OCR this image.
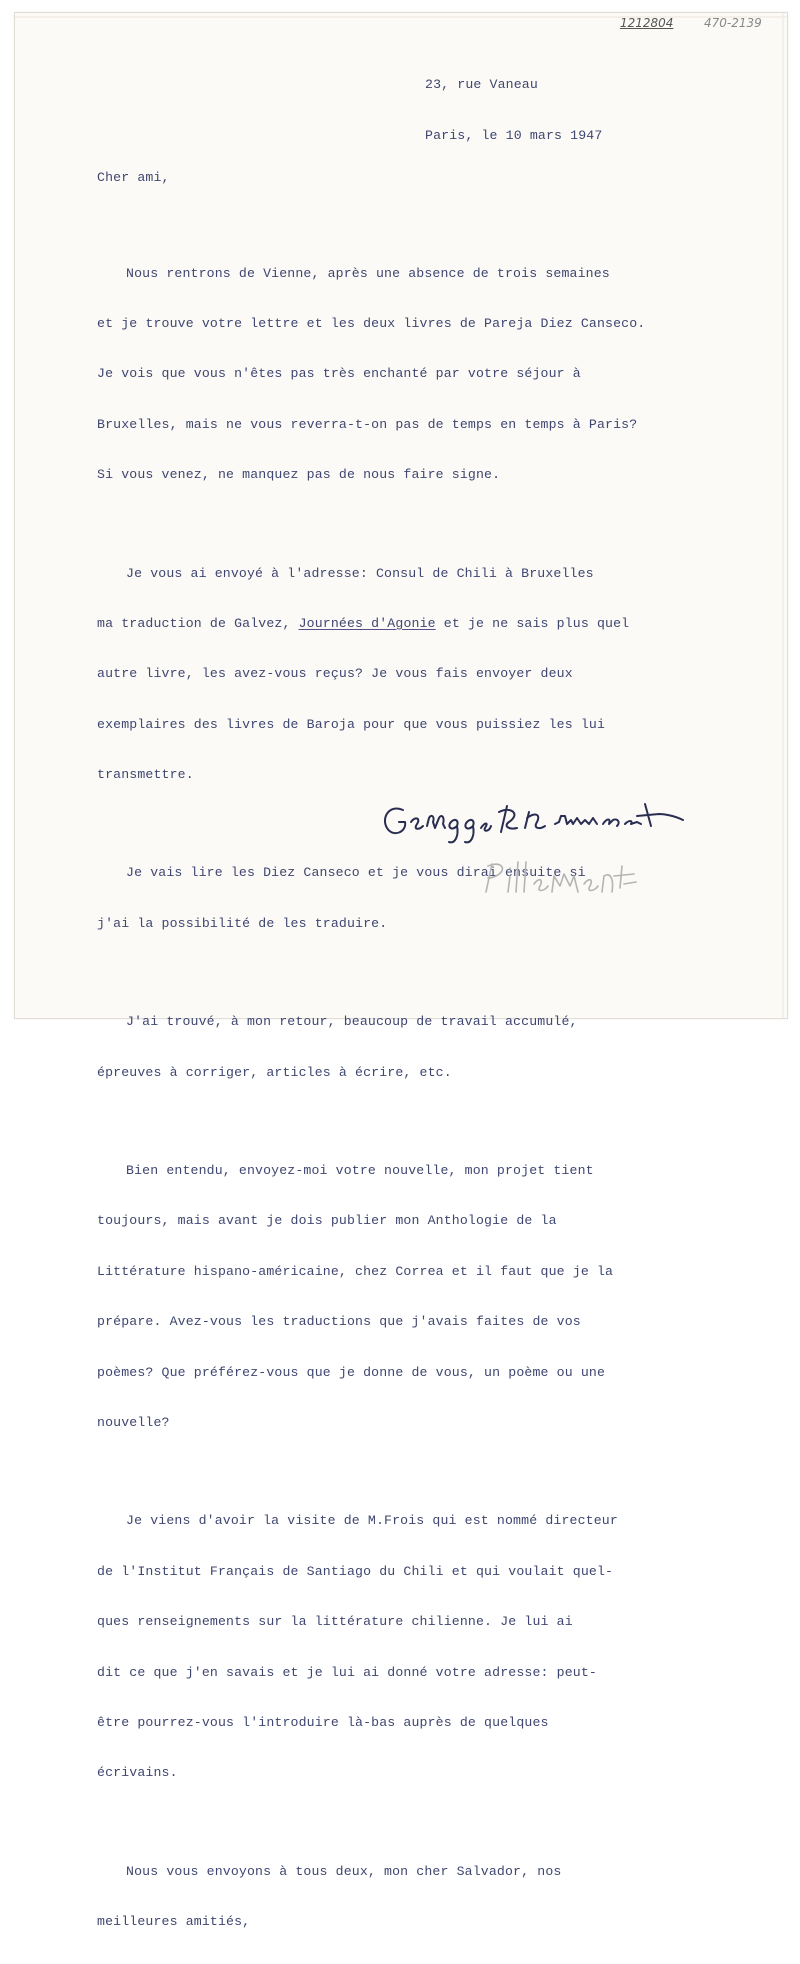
1212804	470-2139

23, rue Vaneau

Paris, le 10 mars 1947

Cher ami,

Nous rentrons de Vienne, après une absence de trois semaines

et je trouve votre lettre et les deux livres de Pareja Diez Canseco.

Je vois que vous n'êtes pas très enchanté par votre séjour à

Bruxelles, mais ne vous reverra-t-on pas de temps en temps à Paris?

Si vous venez, ne manquez pas de nous faire signe.

Je vous ai envoyé à l'adresse: Consul de Chili à Bruxelles

ma traduction de Galvez, Journées d'Agonie et je ne sais plus quel

autre livre, les avez-vous reçus? Je vous fais envoyer deux

exemplaires des livres de Baroja pour que vous puissiez les lui

transmettre.

Je vais lire les Diez Canseco et je vous dirai ensuite si

j'ai la possibilité de les traduire.

J'ai trouvé, à mon retour, beaucoup de travail accumulé,

épreuves à corriger, articles à écrire, etc.

Bien entendu, envoyez-moi votre nouvelle, mon projet tient

toujours, mais avant je dois publier mon Anthologie de la

Littérature hispano-américaine, chez Correa et il faut que je la

prépare. Avez-vous les traductions que j'avais faites de vos

poèmes? Que préférez-vous que je donne de vous, un poème ou une

nouvelle?

Je viens d'avoir la visite de M.Frois qui est nommé directeur

de l'Institut Français de Santiago du Chili et qui voulait quel-

ques renseignements sur la littérature chilienne. Je lui ai

dit ce que j'en savais et je lui ai donné votre adresse: peut-

être pourrez-vous l'introduire là-bas auprès de quelques

écrivains.

Nous vous envoyons à tous deux, mon cher Salvador, nos

meilleures amitiés,
